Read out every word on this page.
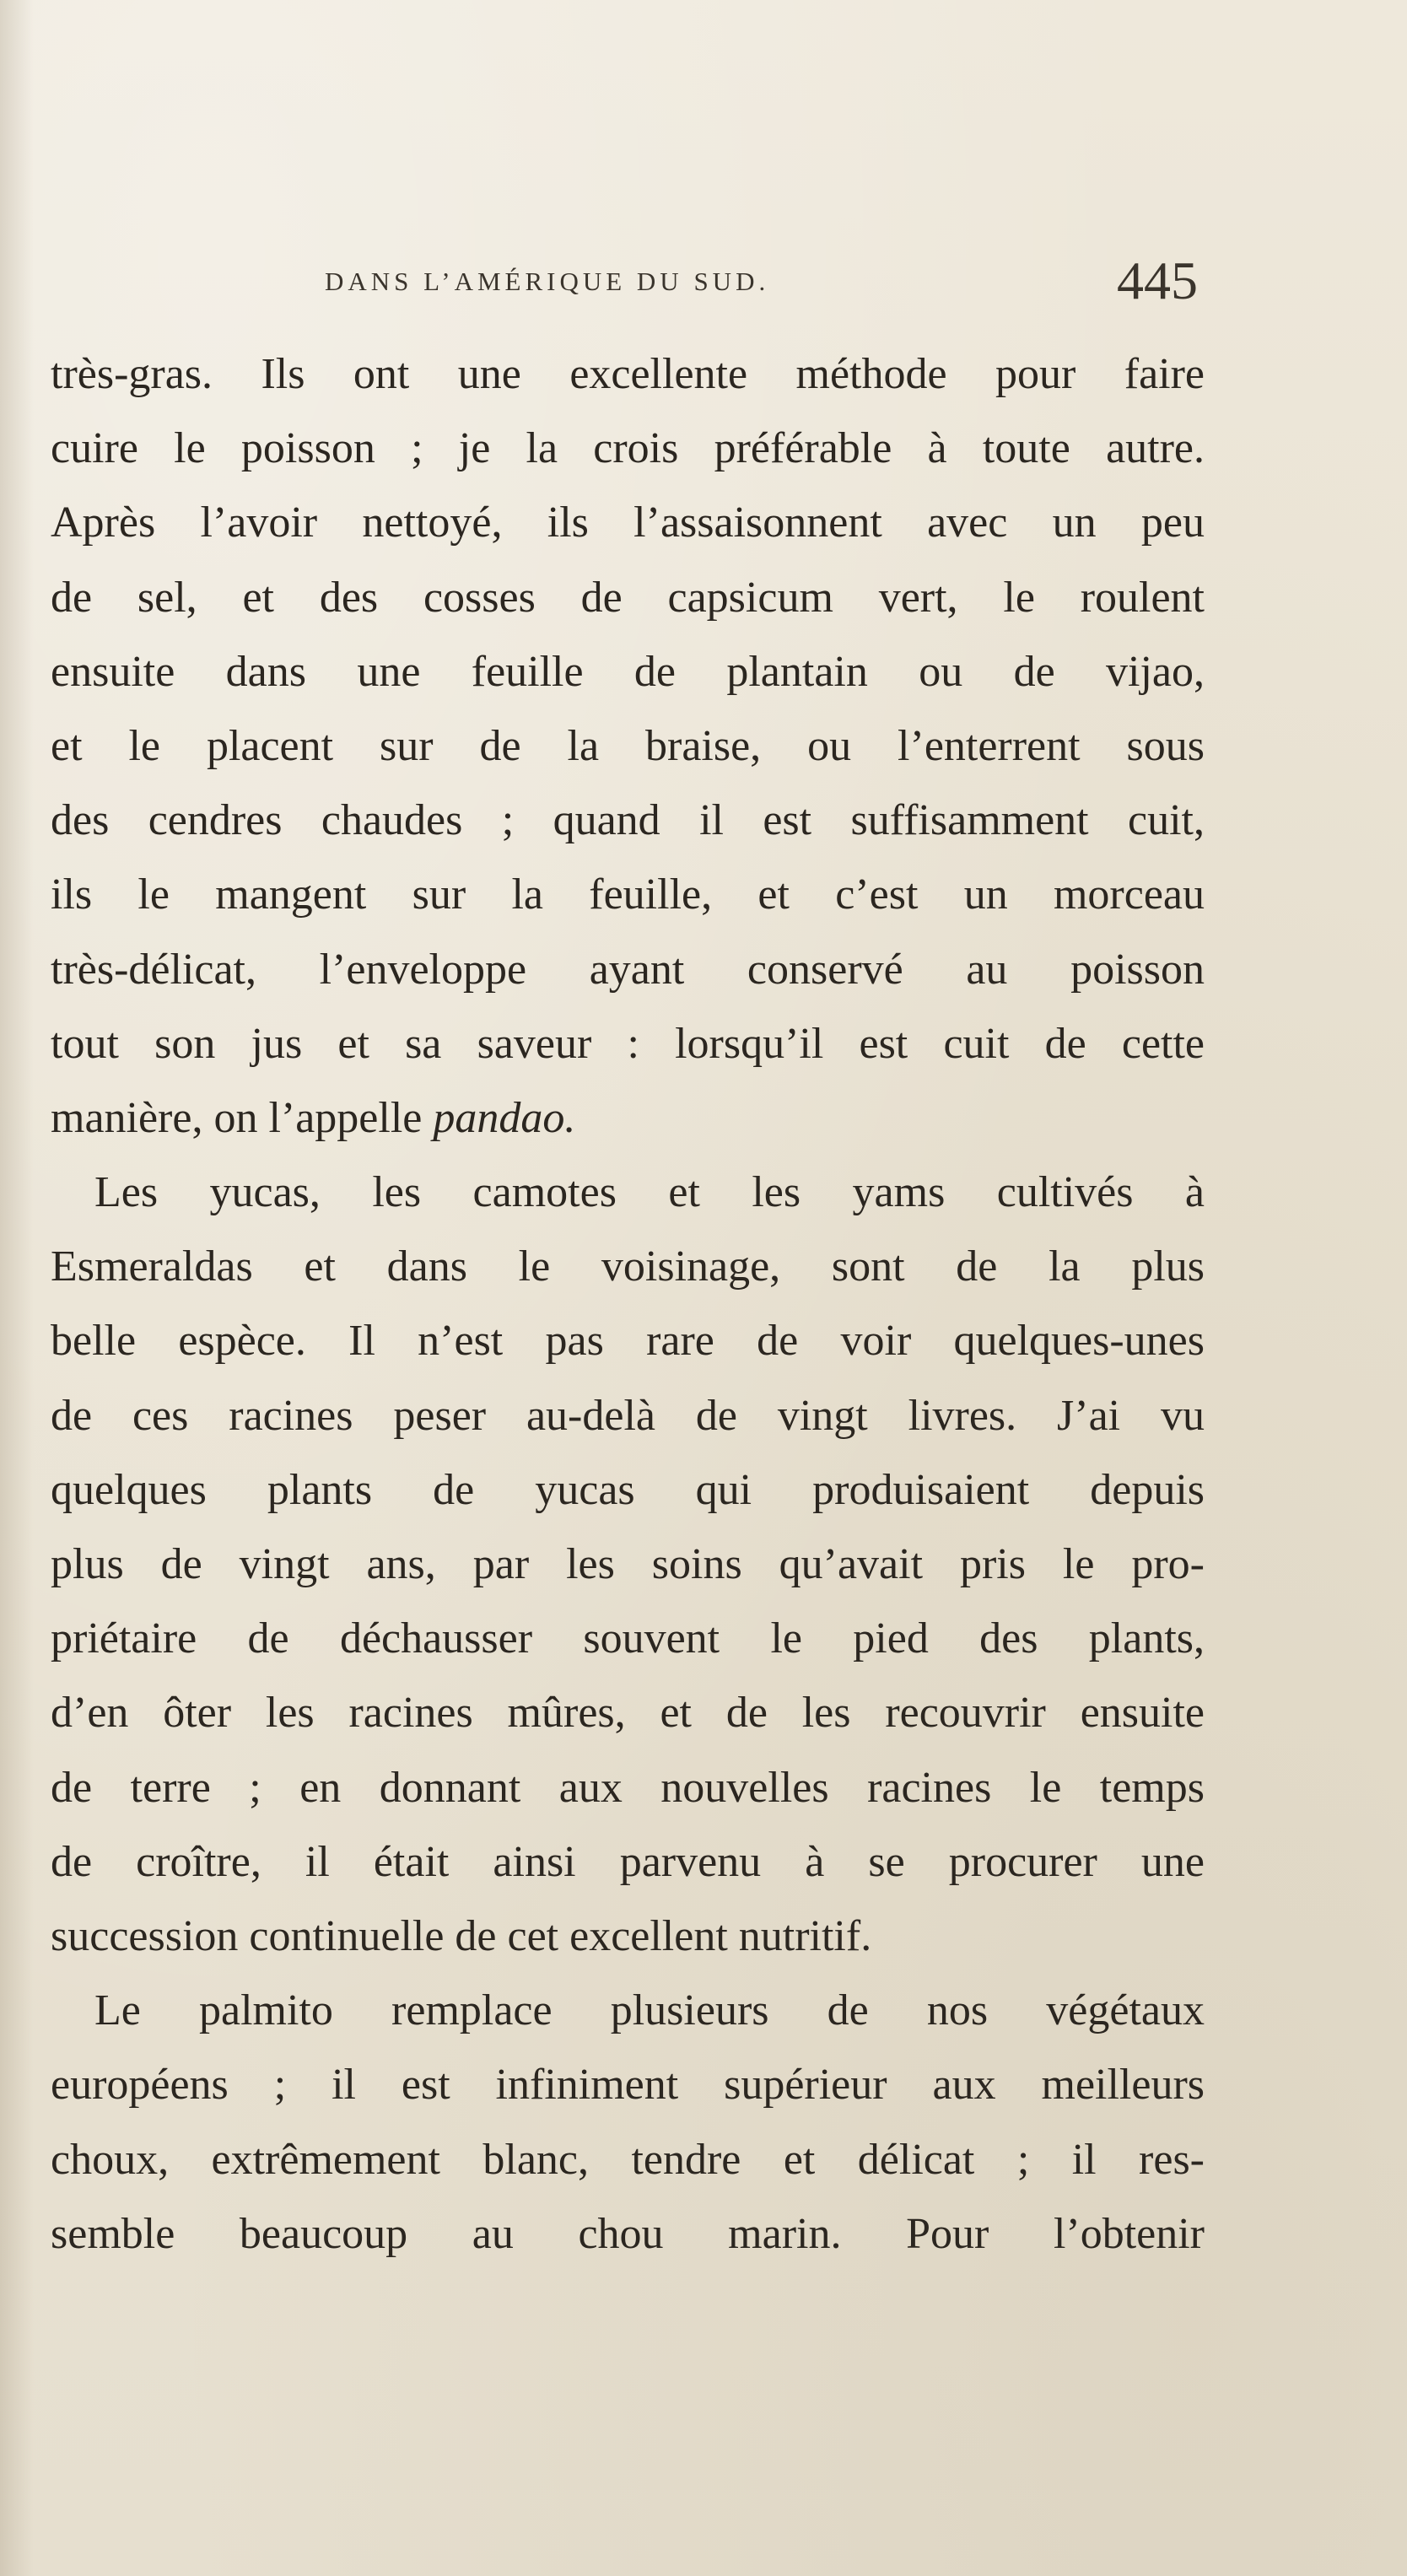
DANS L’AMÉRIQUE DU SUD.	445
très-gras. Ils ont une excellente méthode pour faire
cuire le poisson ; je la crois préférable à toute autre.
Après l’avoir nettoyé, ils l’assaisonnent avec un peu
de sel, et des cosses de capsicum vert, le roulent
ensuite dans une feuille de plantain ou de vijao,
et le placent sur de la braise, ou l’enterrent sous
des cendres chaudes ; quand il est suffisamment cuit,
ils le mangent sur la feuille, et c’est un morceau
très-délicat, l’enveloppe ayant conservé au poisson
tout son jus et sa saveur : lorsqu’il est cuit de cette
manière, on l’appelle pandao.
Les yucas, les camotes et les yams cultivés à
Esmeraldas et dans le voisinage, sont de la plus
belle espèce. Il n’est pas rare de voir quelques-unes
de ces racines peser au-delà de vingt livres. J’ai vu
quelques plants de yucas qui produisaient depuis
plus de vingt ans, par les soins qu’avait pris le pro-
priétaire de déchausser souvent le pied des plants,
d’en ôter les racines mûres, et de les recouvrir ensuite
de terre ; en donnant aux nouvelles racines le temps
de croître, il était ainsi parvenu à se procurer une
succession continuelle de cet excellent nutritif.
Le palmito remplace plusieurs de nos végétaux
européens ; il est infiniment supérieur aux meilleurs
choux, extrêmement blanc, tendre et délicat ; il res-
semble beaucoup au chou marin. Pour l’obtenir
